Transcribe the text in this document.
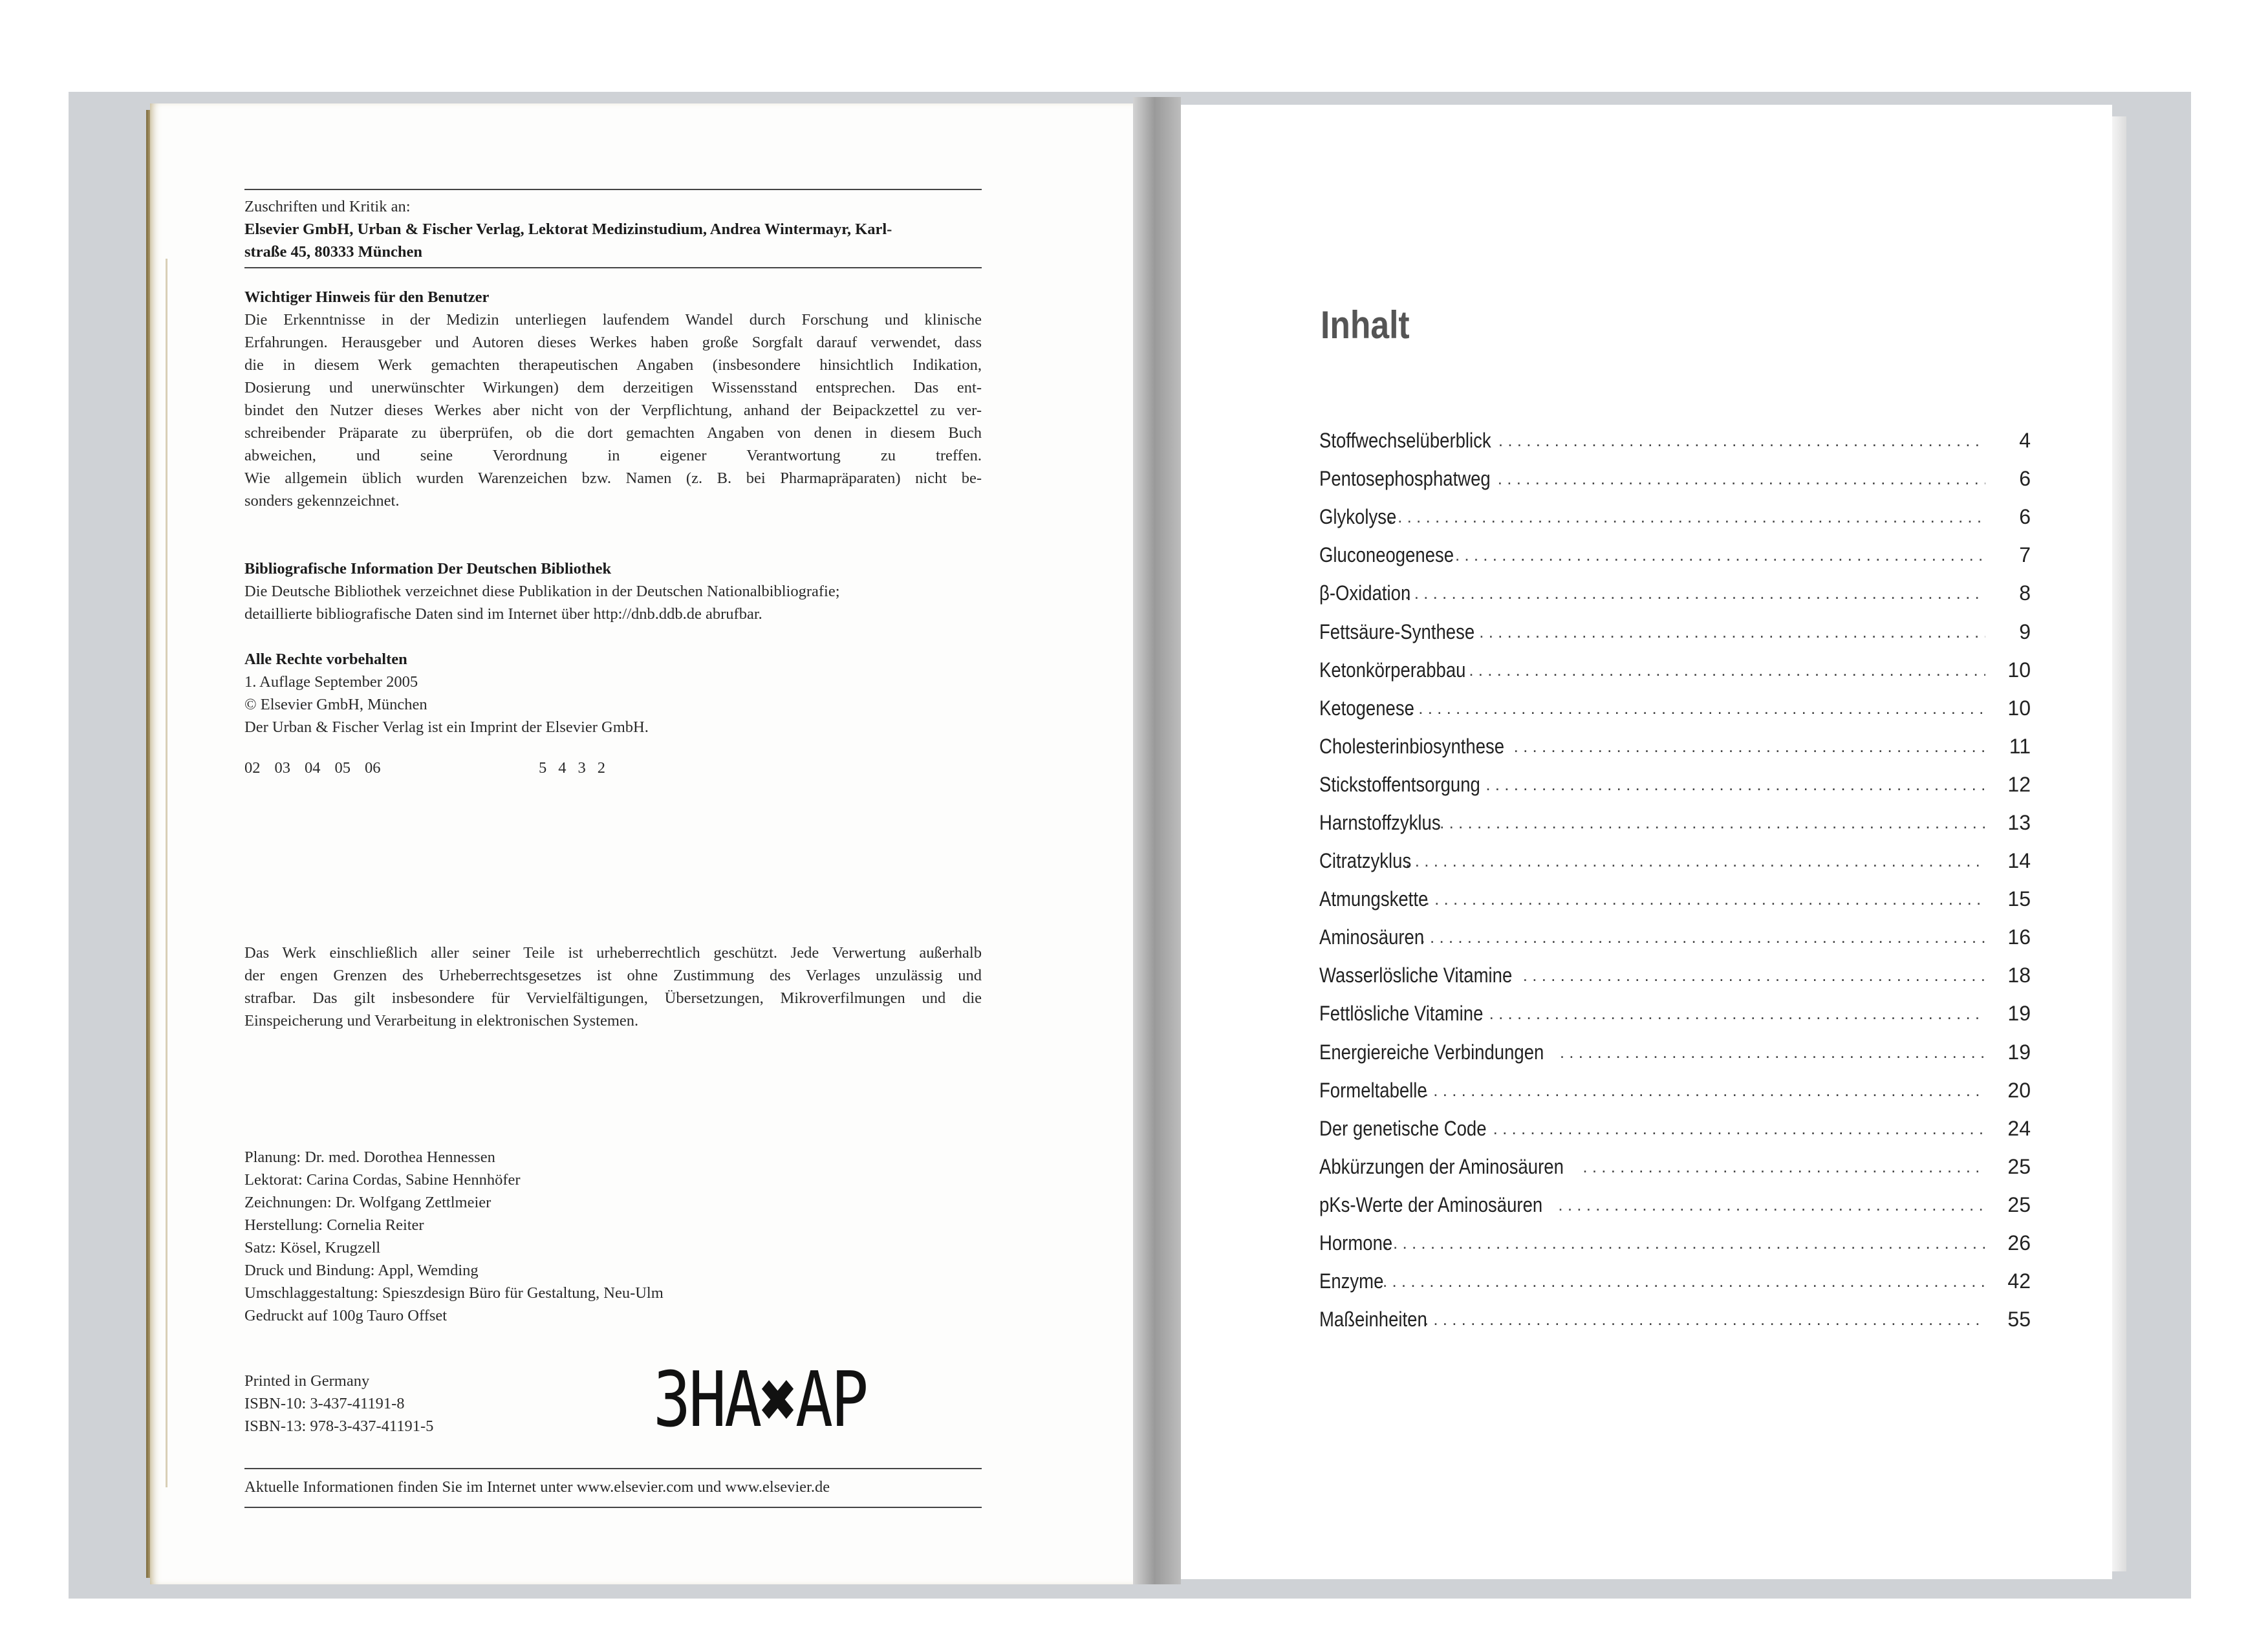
Zuschriften und Kritik an:

Elsevier GmbH, Urban & Fischer Verlag, Lektorat Medizinstudium, Andrea Wintermayr, Karl-

straße 45, 80333 München

Wichtiger Hinweis für den Benutzer

Die Erkenntnisse in der Medizin unterliegen laufendem Wandel durch Forschung und klinische

Erfahrungen. Herausgeber und Autoren dieses Werkes haben große Sorgfalt darauf verwendet, dass

die in diesem Werk gemachten therapeutischen Angaben (insbesondere hinsichtlich Indikation,

Dosierung und unerwünschter Wirkungen) dem derzeitigen Wissensstand entsprechen. Das ent-

bindet den Nutzer dieses Werkes aber nicht von der Verpflichtung, anhand der Beipackzettel zu ver-

schreibender Präparate zu überprüfen, ob die dort gemachten Angaben von denen in diesem Buch

abweichen, und seine Verordnung in eigener Verantwortung zu treffen.

Wie allgemein üblich wurden Warenzeichen bzw. Namen (z. B. bei Pharmapräparaten) nicht be-

sonders gekennzeichnet.

Bibliografische Information Der Deutschen Bibliothek

Die Deutsche Bibliothek verzeichnet diese Publikation in der Deutschen Nationalbibliografie;

detaillierte bibliografische Daten sind im Internet über http://dnb.ddb.de abrufbar.

Alle Rechte vorbehalten

1. Auflage September 2005

© Elsevier GmbH, München

Der Urban & Fischer Verlag ist ein Imprint der Elsevier GmbH.

02 03 04 05 06	5 4 3 2

Das Werk einschließlich aller seiner Teile ist urheberrechtlich geschützt. Jede Verwertung außerhalb

der engen Grenzen des Urheberrechtsgesetzes ist ohne Zustimmung des Verlages unzulässig und

strafbar. Das gilt insbesondere für Vervielfältigungen, Übersetzungen, Mikroverfilmungen und die

Einspeicherung und Verarbeitung in elektronischen Systemen.

Planung: Dr. med. Dorothea Hennessen

Lektorat: Carina Cordas, Sabine Hennhöfer

Zeichnungen: Dr. Wolfgang Zettlmeier

Herstellung: Cornelia Reiter

Satz: Kösel, Krugzell

Druck und Bindung: Appl, Wemding

Umschlaggestaltung: Spieszdesign Büro für Gestaltung, Neu-Ulm

Gedruckt auf 100g Tauro Offset

Printed in Germany

ISBN-10: 3-437-41191-8

ISBN-13: 978-3-437-41191-5	ЗНА✖АР

Aktuelle Informationen finden Sie im Internet unter www.elsevier.com und www.elsevier.de

Inhalt
Stoffwechselüberblick . . .	4
Pentosephosphatweg . . .	6
Glykolyse . . .	6
Gluconeogenese . . .	7
β-Oxidation . . .	8
Fettsäure-Synthese . . .	9
Ketonkörperabbau . . .	10
Ketogenese . . .	10
Cholesterinbiosynthese . . .	11
Stickstoffentsorgung . . .	12
Harnstoffzyklus . . .	13
Citratzyklus . . .	14
Atmungskette . . .	15
Aminosäuren . . .	16
Wasserlösliche Vitamine . . .	18
Fettlösliche Vitamine . . .	19
Energiereiche Verbindungen . . .	19
Formeltabelle . . .	20
Der genetische Code . . .	24
Abkürzungen der Aminosäuren . . .	25
pKs-Werte der Aminosäuren . . .	25
Hormone . . .	26
Enzyme . . .	42
Maßeinheiten . . .	55
